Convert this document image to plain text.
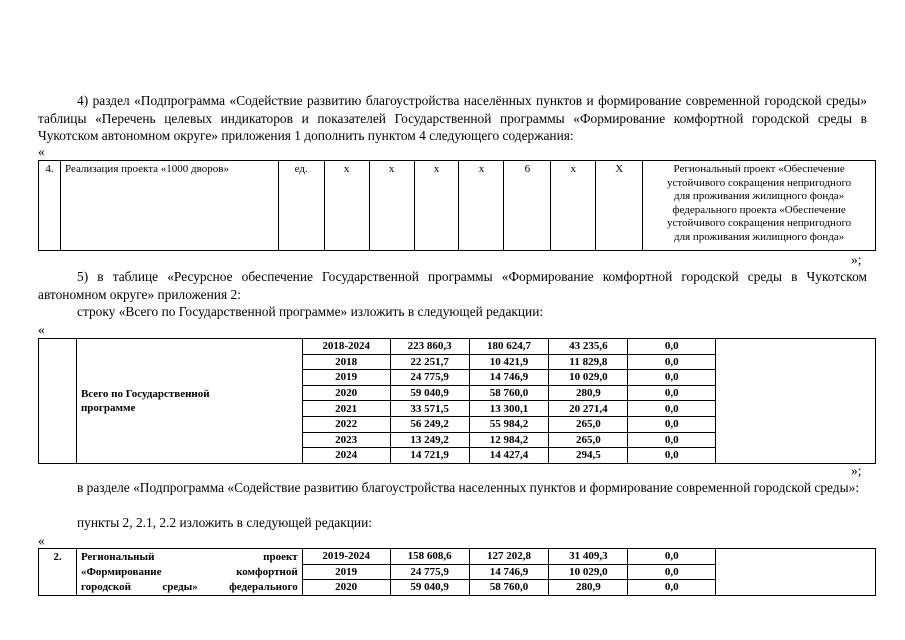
4) раздел «Подпрограмма «Содействие развитию благоустройства населённых пунктов и формирование современной городской среды» таблицы «Перечень целевых индикаторов и показателей Государственной программы «Формирование комфортной городской среды в Чукотском автономном округе» приложения 1 дополнить пунктом 4 следующего содержания:

«
4.	Реализация проекта «1000 дворов»	ед.	x	x	x	x	6	x	X	Региональный проект «Обеспечение
устойчивого сокращения непригодного
для проживания жилищного фонда»
федерального проекта «Обеспечение
устойчивого сокращения непригодного
для проживания жилищного фонда»
»;

5) в таблице «Ресурсное обеспечение Государственной программы «Формирование комфортной городской среды в Чукотском автономном округе» приложения 2:

строку «Всего по Государственной программе» изложить в следующей редакции:

«

	Всего по Государственной
программе	2018-2024	223 860,3	180 624,7	43 235,6	0,0	
		2018	22 251,7	10 421,9	11 829,8	0,0	
		2019	24 775,9	14 746,9	10 029,0	0,0	
		2020	59 040,9	58 760,0	280,9	0,0	
		2021	33 571,5	13 300,1	20 271,4	0,0	
		2022	56 249,2	55 984,2	265,0	0,0	
		2023	13 249,2	12 984,2	265,0	0,0	
		2024	14 721,9	14 427,4	294,5	0,0	
»;

в разделе «Подпрограмма «Содействие развитию благоустройства населенных пунктов и формирование современной городской среды»:

пункты 2, 2.1, 2.2 изложить в следующей редакции:

«
2.	Региональный проект
«Формирование комфортной
городской среды» федерального	2019-2024	158 608,6	127 202,8	31 409,3	0,0	
		2019	24 775,9	14 746,9	10 029,0	0,0	
		2020	59 040,9	58 760,0	280,9	0,0	
